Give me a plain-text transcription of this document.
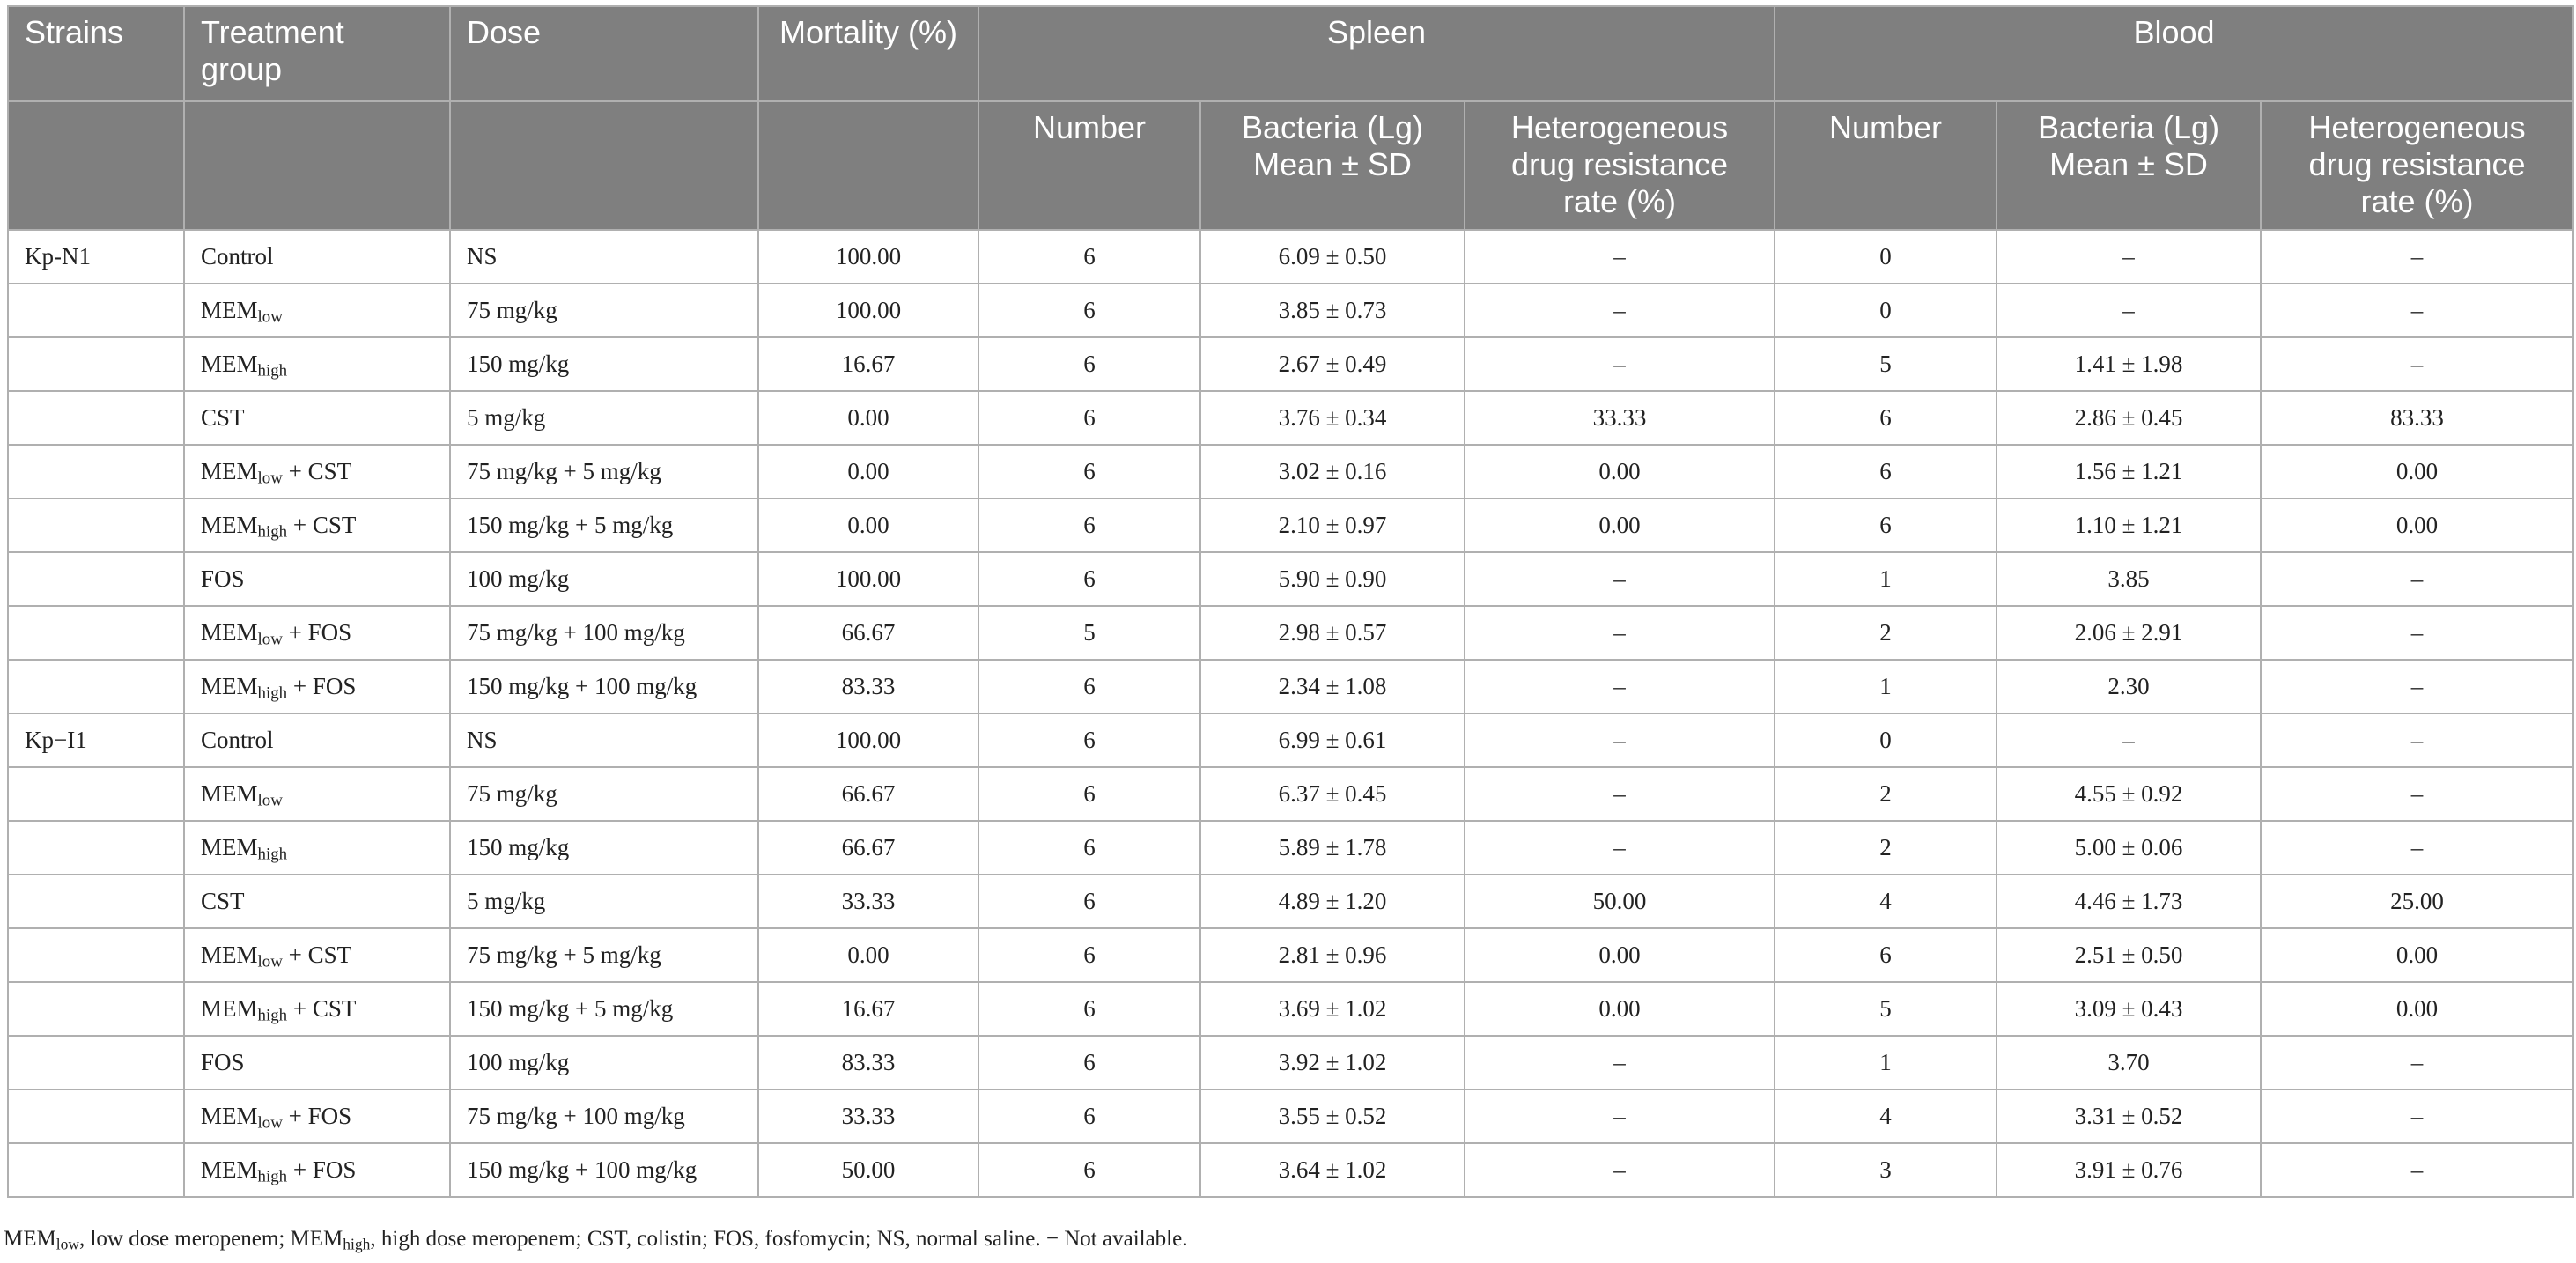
Strains	Treatment group	Dose	Mortality (%)	Spleen			Blood		
				Number	Bacteria (Lg) Mean ± SD	Heterogeneous drug resistance rate (%)	Number	Bacteria (Lg) Mean ± SD	Heterogeneous drug resistance rate (%)
Kp-N1	Control	NS	100.00	6	6.09 ± 0.50	–	0	–	–
	$MEM_{low}$	75 mg/kg	100.00	6	3.85 ± 0.73	–	0	–	–
	$MEM_{high}$	150 mg/kg	16.67	6	2.67 ± 0.49	–	5	1.41 ± 1.98	–
	CST	5 mg/kg	0.00	6	3.76 ± 0.34	33.33	6	2.86 ± 0.45	83.33
	$MEM_{low}$ + CST	75 mg/kg + 5 mg/kg	0.00	6	3.02 ± 0.16	0.00	6	1.56 ± 1.21	0.00
	$MEM_{high}$ + CST	150 mg/kg + 5 mg/kg	0.00	6	2.10 ± 0.97	0.00	6	1.10 ± 1.21	0.00
	FOS	100 mg/kg	100.00	6	5.90 ± 0.90	–	1	3.85	–
	$MEM_{low}$ + FOS	75 mg/kg + 100 mg/kg	66.67	5	2.98 ± 0.57	–	2	2.06 ± 2.91	–
	$MEM_{high}$ + FOS	150 mg/kg + 100 mg/kg	83.33	6	2.34 ± 1.08	–	1	2.30	–
Kp−I1	Control	NS	100.00	6	6.99 ± 0.61	–	0	–	–
	$MEM_{low}$	75 mg/kg	66.67	6	6.37 ± 0.45	–	2	4.55 ± 0.92	–
	$MEM_{high}$	150 mg/kg	66.67	6	5.89 ± 1.78	–	2	5.00 ± 0.06	–
	CST	5 mg/kg	33.33	6	4.89 ± 1.20	50.00	4	4.46 ± 1.73	25.00
	$MEM_{low}$ + CST	75 mg/kg + 5 mg/kg	0.00	6	2.81 ± 0.96	0.00	6	2.51 ± 0.50	0.00
	$MEM_{high}$ + CST	150 mg/kg + 5 mg/kg	16.67	6	3.69 ± 1.02	0.00	5	3.09 ± 0.43	0.00
	FOS	100 mg/kg	83.33	6	3.92 ± 1.02	–	1	3.70	–
	$MEM_{low}$ + FOS	75 mg/kg + 100 mg/kg	33.33	6	3.55 ± 0.52	–	4	3.31 ± 0.52	–
	$MEM_{high}$ + FOS	150 mg/kg + 100 mg/kg	50.00	6	3.64 ± 1.02	–	3	3.91 ± 0.76	–
$MEM_{low}$, low dose meropenem; $MEM_{high}$, high dose meropenem; CST, colistin; FOS, fosfomycin; NS, normal saline. − Not available.
